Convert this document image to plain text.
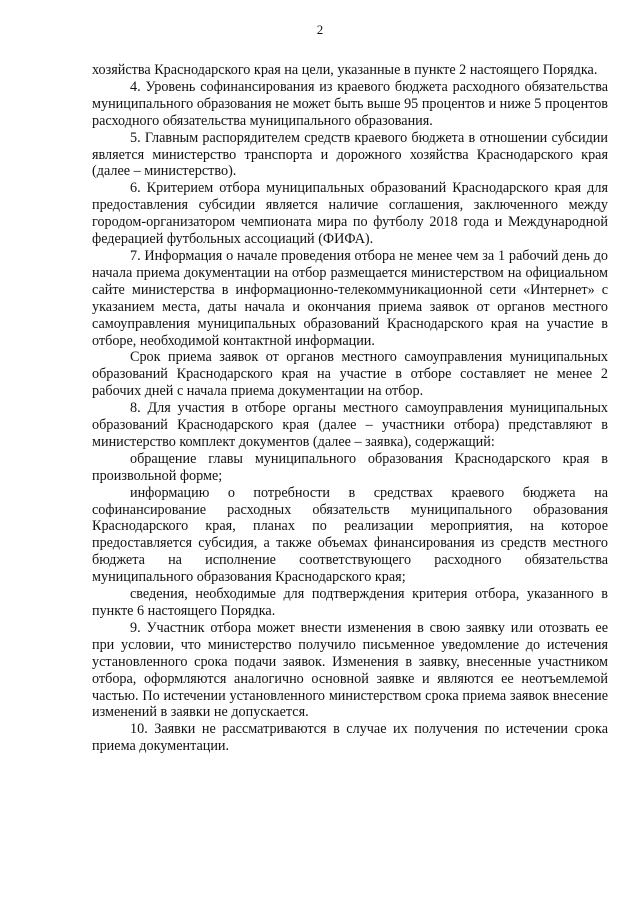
2

хозяйства Краснодарского края на цели, указанные в пункте 2 настоящего Порядка.

4. Уровень софинансирования из краевого бюджета расходного обязательства муниципального образования не может быть выше 95 процентов и ниже 5 процентов расходного обязательства муниципального образования.

5. Главным распорядителем средств краевого бюджета в отношении субсидии является министерство транспорта и дорожного хозяйства Краснодарского края (далее – министерство).

6. Критерием отбора муниципальных образований Краснодарского края для предоставления субсидии является наличие соглашения, заключенного между городом-организатором чемпионата мира по футболу 2018 года и Международной федерацией футбольных ассоциаций (ФИФА).

7. Информация о начале проведения отбора не менее чем за 1 рабочий день до начала приема документации на отбор размещается министерством на официальном сайте министерства в информационно-телекоммуникационной сети «Интернет» с указанием места, даты начала и окончания приема заявок от органов местного самоуправления муниципальных образований Краснодарского края на участие в отборе, необходимой контактной информации.

Срок приема заявок от органов местного самоуправления муниципальных образований Краснодарского края на участие в отборе составляет не менее 2 рабочих дней с начала приема документации на отбор.

8. Для участия в отборе органы местного самоуправления муниципальных образований Краснодарского края (далее – участники отбора) представляют в министерство комплект документов (далее – заявка), содержащий:

обращение главы муниципального образования Краснодарского края в произвольной форме;

информацию о потребности в средствах краевого бюджета на софинансирование расходных обязательств муниципального образования Краснодарского края, планах по реализации мероприятия, на которое предоставляется субсидия, а также объемах финансирования из средств местного бюджета на исполнение соответствующего расходного обязательства муниципального образования Краснодарского края;

сведения, необходимые для подтверждения критерия отбора, указанного в пункте 6 настоящего Порядка.

9. Участник отбора может внести изменения в свою заявку или отозвать ее при условии, что министерство получило письменное уведомление до истечения установленного срока подачи заявок. Изменения в заявку, внесенные участником отбора, оформляются аналогично основной заявке и являются ее неотъемлемой частью. По истечении установленного министерством срока приема заявок внесение изменений в заявки не допускается.

10. Заявки не рассматриваются в случае их получения по истечении срока приема документации.
